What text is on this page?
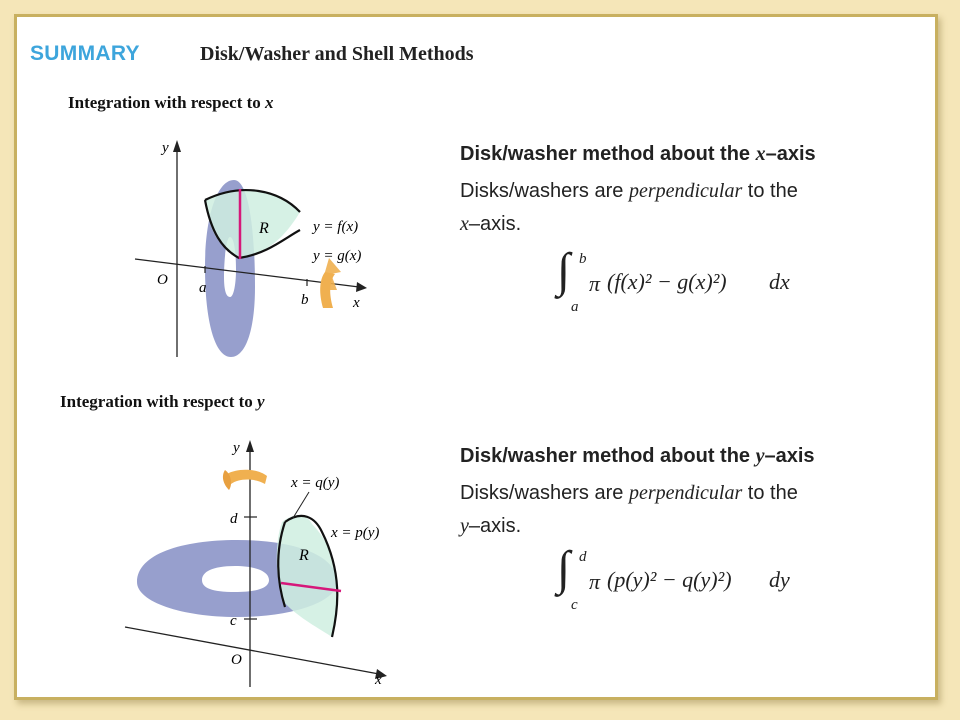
SUMMARY	Disk/Washer and Shell Methods
Integration with respect to x
y
x
O a
b
R	y = f(x)
y = g(x)
Disk/washer method about the x–axis
Disks/washers are perpendicular to the
x–axis.
∫ b
a
π (f(x)² − g(x)²) dx
Integration with respect to y
y
x
O
d
c
R
x = q(y)
x = p(y)
Disk/washer method about the y–axis
Disks/washers are perpendicular to the
y–axis.
∫ d
c
π (p(y)² − q(y)²) dy
